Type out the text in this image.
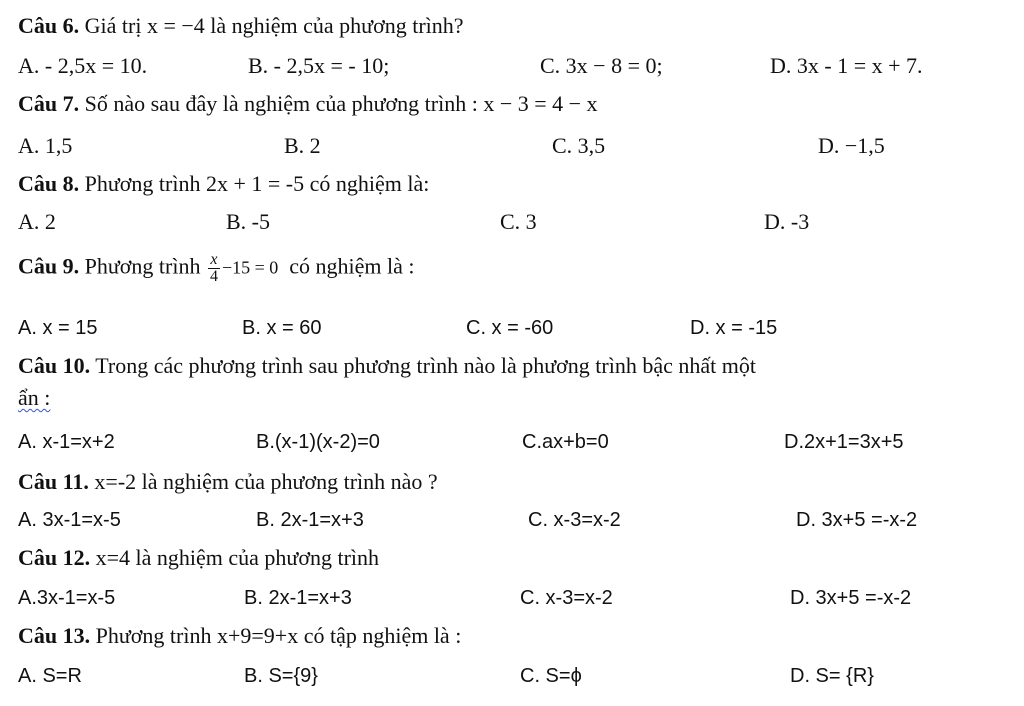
Câu 6. Giá trị x = −4 là nghiệm của phương trình?
A. - 2,5x = 10.	B. - 2,5x = - 10;	C. 3x − 8 = 0;	D. 3x - 1 = x + 7.
Câu 7. Số nào sau đây là nghiệm của phương trình : x − 3 = 4 − x
A. 1,5	B. 2	C. 3,5	D. −1,5
Câu 8. Phương trình 2x + 1 = -5 có nghiệm là:
A. 2	B. -5	C. 3	D. -3
Câu 9. Phương trình $\frac{x}{4} -15 = 0$ có nghiệm là :
A. x = 15	B. x = 60	C. x = -60	D. x = -15
Câu 10. Trong các phương trình sau phương trình nào là phương trình bậc nhất một
ẩn :
A. x-1=x+2	B.(x-1)(x-2)=0	C.ax+b=0	D.2x+1=3x+5
Câu 11. x=-2 là nghiệm của phương trình nào ?
A. 3x-1=x-5	B. 2x-1=x+3	C. x-3=x-2	D. 3x+5 =-x-2
Câu 12. x=4 là nghiệm của phương trình
A.3x-1=x-5	B. 2x-1=x+3	C. x-3=x-2	D. 3x+5 =-x-2
Câu 13. Phương trình x+9=9+x có tập nghiệm là :
A. S=R	B. S={9}	C. S=ϕ	D. S= {R}
